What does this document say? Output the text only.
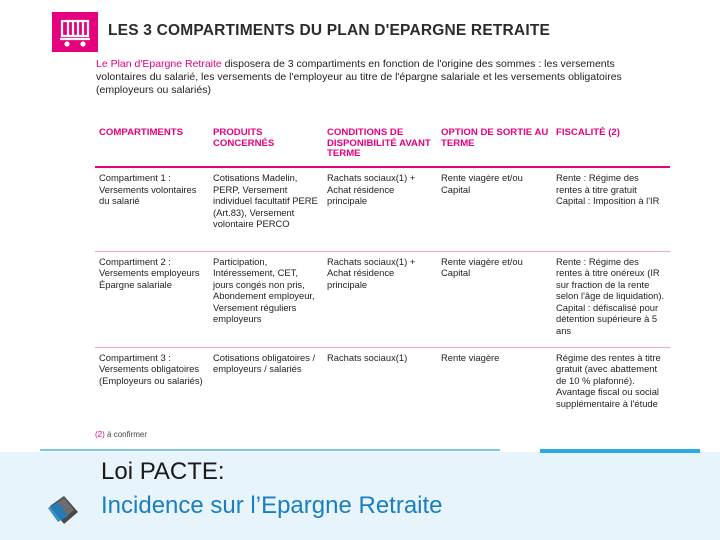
LES 3 COMPARTIMENTS DU PLAN D'EPARGNE RETRAITE
Le Plan d'Epargne Retraite disposera de 3 compartiments en fonction de l'origine des sommes : les versements volontaires du salarié, les versements de l'employeur au titre de l'épargne salariale et les versements obligatoires (employeurs ou salariés)
COMPARTIMENTS	PRODUITS CONCERNÉS	CONDITIONS DE DISPONIBILITÉ AVANT TERME	OPTION DE SORTIE AU TERME	FISCALITÉ (2)
Compartiment 1 : Versements volontaires du salarié	Cotisations Madelin, PERP, Versement individuel facultatif PERE (Art.83), Versement volontaire PERCO	Rachats sociaux(1) + Achat résidence principale	Rente viagère et/ou Capital	Rente : Régime des rentes à titre gratuit Capital : Imposition à l'IR
Compartiment 2 : Versements employeurs Épargne salariale	Participation, Intéressement, CET, jours congés non pris, Abondement employeur, Versement réguliers employeurs	Rachats sociaux(1) + Achat résidence principale	Rente viagère et/ou Capital	Rente : Régime des rentes à titre onéreux (IR sur fraction de la rente selon l'âge de liquidation). Capital : défiscalisé pour détention supérieure à 5 ans
Compartiment 3 : Versements obligatoires (Employeurs ou salariés)	Cotisations obligatoires / employeurs / salariés	Rachats sociaux(1)	Rente viagère	Régime des rentes à titre gratuit (avec abattement de 10 % plafonné). Avantage fiscal ou social supplémentaire à l'étude
(2) à confirmer
Loi PACTE:
Incidence sur l’Epargne Retraite
